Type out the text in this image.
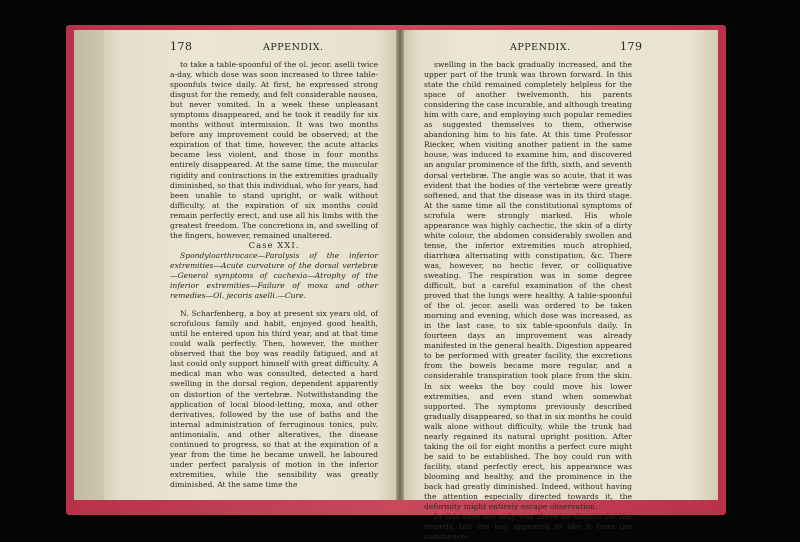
178	APPENDIX.

to take a table-spoonful of the ol. jecor. aselli twice a-day, which dose was soon increased to three table-spoonfuls twice daily. At first, he expressed strong disgust for the remedy, and felt considerable nausea, but never vomited. In a week these unpleasant symptoms disappeared, and he took it readily for six months without intermission. It was two months before any improvement could be observed; at the expiration of that time, however, the acute attacks became less violent, and those in four months entirely disappeared. At the same time, the muscular rigidity and contractions in the extremities gradually diminished, so that this individual, who for years, had been unable to stand upright, or walk without difficulty, at the expiration of six months could remain perfectly erect, and use all his limbs with the greatest freedom. The concretions in, and swelling of the fingers, however, remained unaltered.

Case XXI.

Spondyloarthrocace—Paralysis of the inferior extremities—Acute curvature of the dorsal vertebræ—General symptoms of cachexia—Atrophy of the inferior extremities—Failure of moxa and other remedies—Ol. jecoris aselli.—Cure.

N. Scharfenberg, a boy at present six years old, of scrofulous family and habit, enjoyed good health, until he entered upon his third year, and at that time could walk perfectly. Then, however, the mother observed that the boy was readily fatigued, and at last could only support himself with great difficulty. A medical man who was consulted, detected a hard swelling in the dorsal region, dependent apparently on distortion of the vertebræ. Notwithstanding the application of local blood-letting, moxa, and other derivatives, followed by the use of baths and the internal administration of ferruginous tonics, pulv. antimonialis, and other alteratives, the disease continued to progress, so that at the expiration of a year from the time he became unwell, he laboured under perfect paralysis of motion in the inferior extremities, while the sensibility was greatly diminished. At the same time the

APPENDIX.	179

swelling in the back gradually increased, and the upper part of the trunk was thrown forward. In this state the child remained completely helpless for the space of another twelvemonth, his parents considering the case incurable, and although treating him with care, and employing such popular remedies as suggested themselves to them, otherwise abandoning him to his fate. At this time Professor Riecker, when visiting another patient in the same house, was induced to examine him, and discovered an angular prominence of the fifth, sixth, and seventh dorsal vertebræ. The angle was so acute, that it was evident that the bodies of the vertebræ were greatly softened, and that the disease was in its third stage. At the same time all the constitutional symptoms of scrofula were strongly marked. His whole appearance was highly cachectic, the skin of a dirty white colour, the abdomen considerably swollen and tense, the inferior extremities much atrophied, diarrhœa alternating with constipation, &c. There was, however, no hectic fever, or colliquative sweating. The respiration was in some degree difficult, but a careful examination of the chest proved that the lungs were healthy. A table-spoonful of the ol. jecor. aselli was ordered to be taken morning and evening, which dose was increased, as in the last case, to six table-spoonfuls daily. In fourteen days an improvement was already manifested in the general health. Digestion appeared to be performed with greater facility, the excretions from the bowels became more regular, and a considerable transpiration took place from the skin. In six weeks the boy could move his lower extremities, and even stand when somewhat supported. The symptoms previously described gradually disappeared, so that in six months he could walk alone without difficulty, while the trunk had nearly regained its natural upright position. After taking the oil for eight months a perfect cure might be said to be established. The boy could run with facility, stand perfectly erect, his appearance was blooming and healthy, and the prominence in the back had greatly diminished. Indeed, without having the attention especially directed towards it, the deformity might entirely escape observation.

In this case not only was there no disgust for the remedy, but the boy appeared to like it from the commence-
